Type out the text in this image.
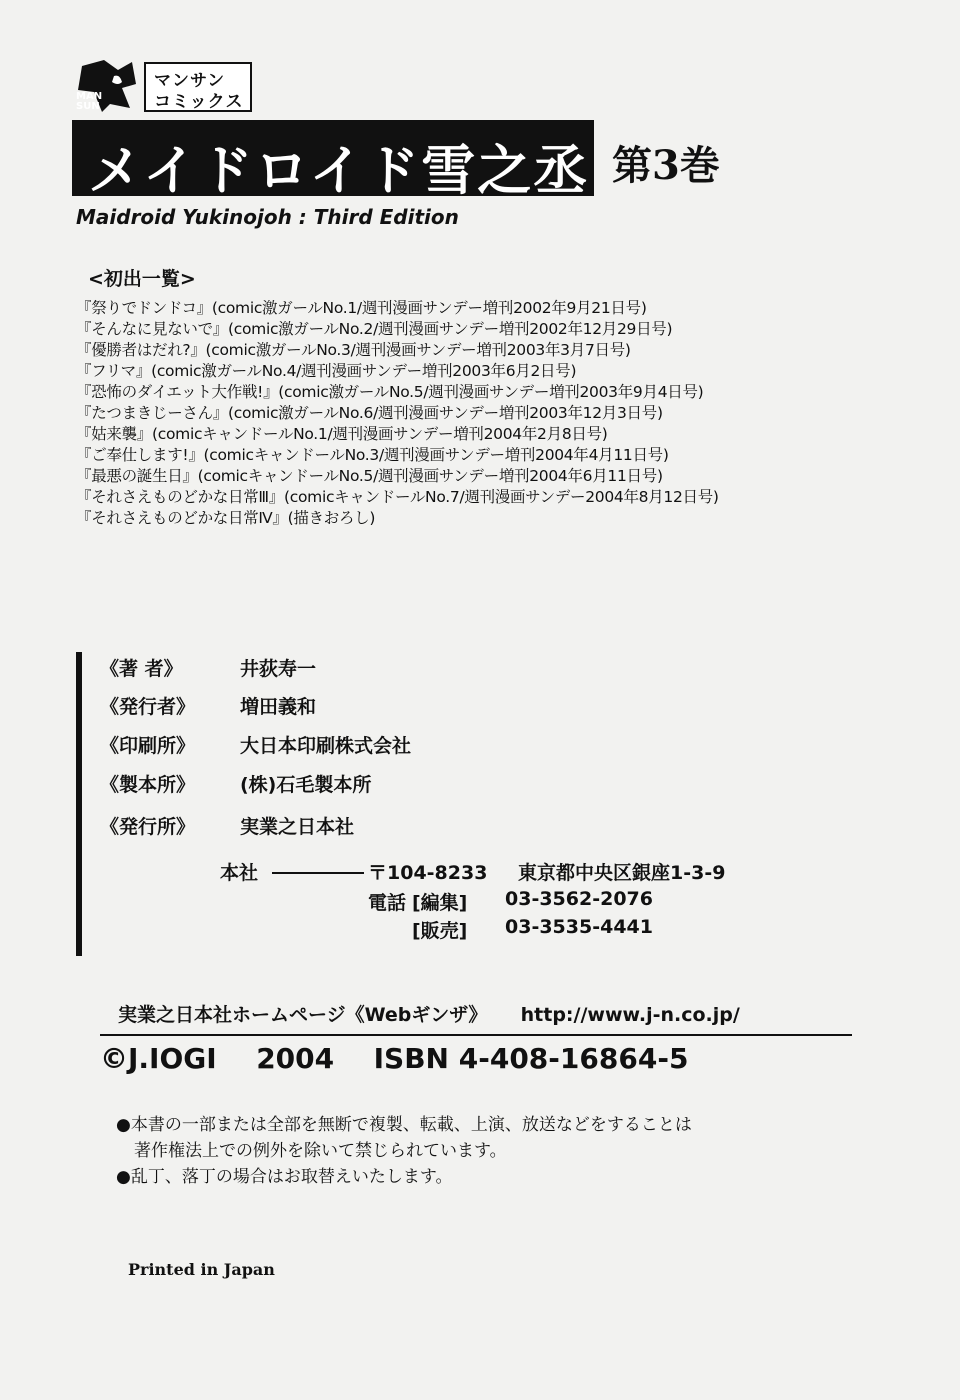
MAN SUN
マンサン
コミックス
メイドロイド雪之丞 第3巻
Maidroid Yukinojoh : Third Edition
<初出一覧>
『祭りでドンドコ』(comic激ガールNo.1/週刊漫画サンデー増刊2002年9月21日号)
『そんなに見ないで』(comic激ガールNo.2/週刊漫画サンデー増刊2002年12月29日号)
『優勝者はだれ?』(comic激ガールNo.3/週刊漫画サンデー増刊2003年3月7日号)
『フリマ』(comic激ガールNo.4/週刊漫画サンデー増刊2003年6月2日号)
『恐怖のダイエット大作戦!』(comic激ガールNo.5/週刊漫画サンデー増刊2003年9月4日号)
『たつまきじーさん』(comic激ガールNo.6/週刊漫画サンデー増刊2003年12月3日号)
『姑来襲』(comicキャンドールNo.1/週刊漫画サンデー増刊2004年2月8日号)
『ご奉仕します!』(comicキャンドールNo.3/週刊漫画サンデー増刊2004年4月11日号)
『最悪の誕生日』(comicキャンドールNo.5/週刊漫画サンデー増刊2004年6月11日号)
『それさえものどかな日常Ⅲ』(comicキャンドールNo.7/週刊漫画サンデー2004年8月12日号)
『それさえものどかな日常Ⅳ』(描きおろし)
《著 者》	井荻寿一
《発行者》 増田義和
《印刷所》 大日本印刷株式会社
《製本所》 (株)石毛製本所
《発行所》 実業之日本社
本社	〒104-8233 東京都中央区銀座1-3-9
電話 [編集] 03-3562-2076
[販売] 03-3535-4441
実業之日本社ホームページ《Webギンザ》 http://www.j-n.co.jp/
©J.IOGI 2004 ISBN 4-408-16864-5
●本書の一部または全部を無断で複製、転載、上演、放送などをすることは
著作権法上での例外を除いて禁じられています。
●乱丁、落丁の場合はお取替えいたします。
Printed in Japan
